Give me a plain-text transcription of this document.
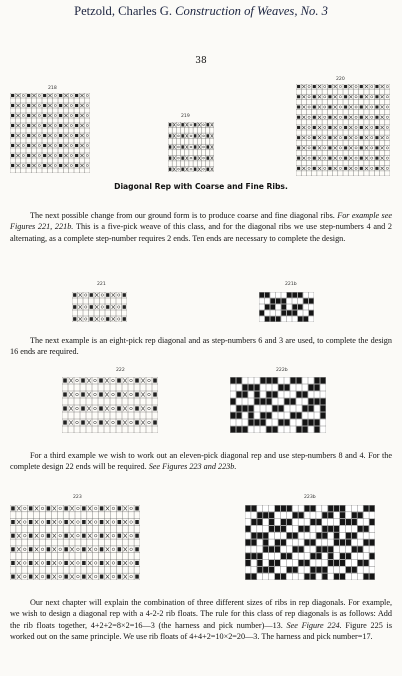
Petzold, Charles G. Construction of Weaves, No. 3
38
218
219
220
Diagonal Rep with Coarse and Fine Ribs.
The next possible change from our ground form is to produce coarse and fine diagonal ribs. For example see Figures 221, 221b. This is a five-pick weave of this class, and for the diagonal ribs we use step-numbers 4 and 2 alternating, as a complete step-number requires 2 ends. Ten ends are necessary to complete the design.
221	221b
The next example is an eight-pick rep diagonal and as step-numbers 6 and 3 are used, to complete the design 16 ends are required.
222	222b
For a third example we wish to work out an eleven-pick diagonal rep and use step-numbers 8 and 4. For the complete design 22 ends will be required. See Figures 223 and 223b.
223	223b
Our next chapter will explain the combination of three different sizes of ribs in rep diagonals. For example, we wish to design a diagonal rep with a 4-2-2 rib floats. The rule for this class of rep diagonals is as follows: Add the rib floats together, 4+2+2=8×2=16—3 (the harness and pick number)—13. See Figure 224. Figure 225 is worked out on the same principle. We use rib floats of 4+4+2=10×2=20—3. The harness and pick number=17.
